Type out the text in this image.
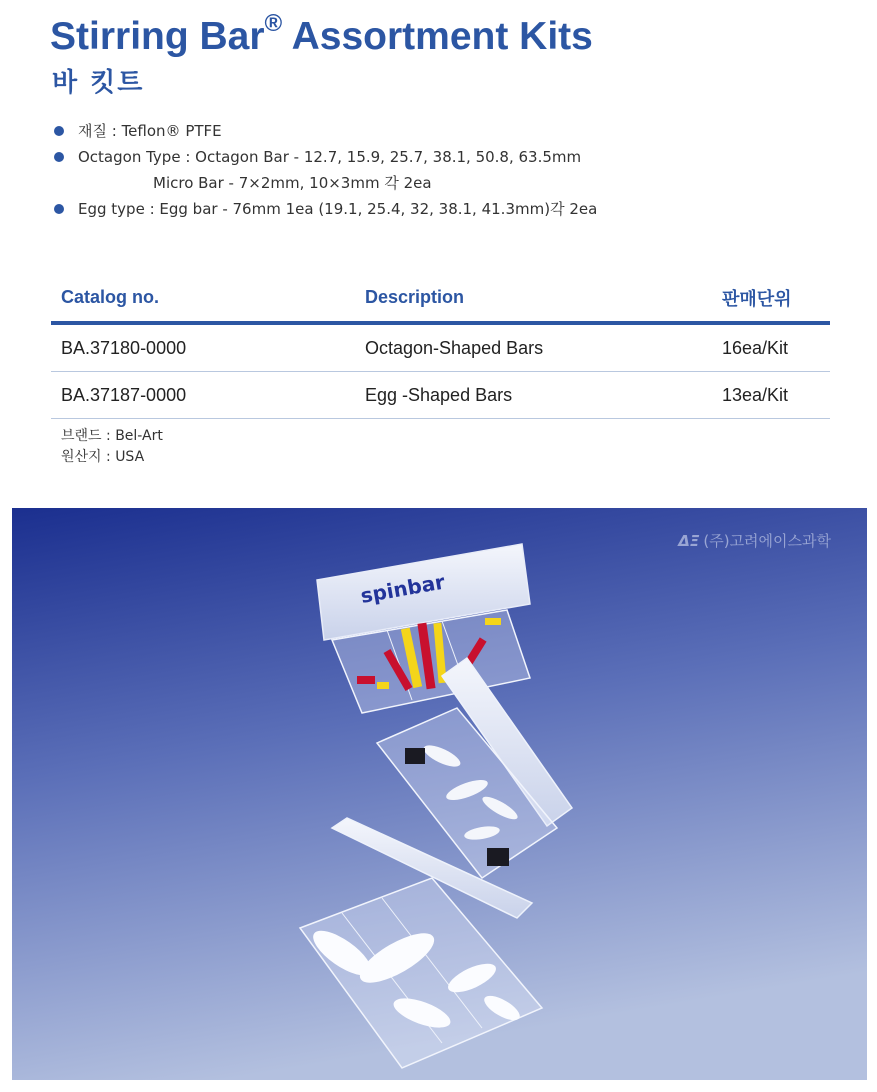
Stirring Bar® Assortment Kits
바 킷트
재질 : Teflon® PTFE
Octagon Type : Octagon Bar - 12.7, 15.9, 25.7, 38.1, 50.8, 63.5mm
Micro Bar - 7×2mm, 10×3mm 각 2ea
Egg type : Egg bar - 76mm 1ea (19.1, 25.4, 32, 38.1, 41.3mm)각 2ea
Catalog no.	Description	판매단위
BA.37180-0000	Octagon-Shaped Bars	16ea/Kit
BA.37187-0000	Egg -Shaped Bars	13ea/Kit
브랜드 : Bel-Art
원산지 : USA
spinbar
ΔΞ (주)고려에이스과학
